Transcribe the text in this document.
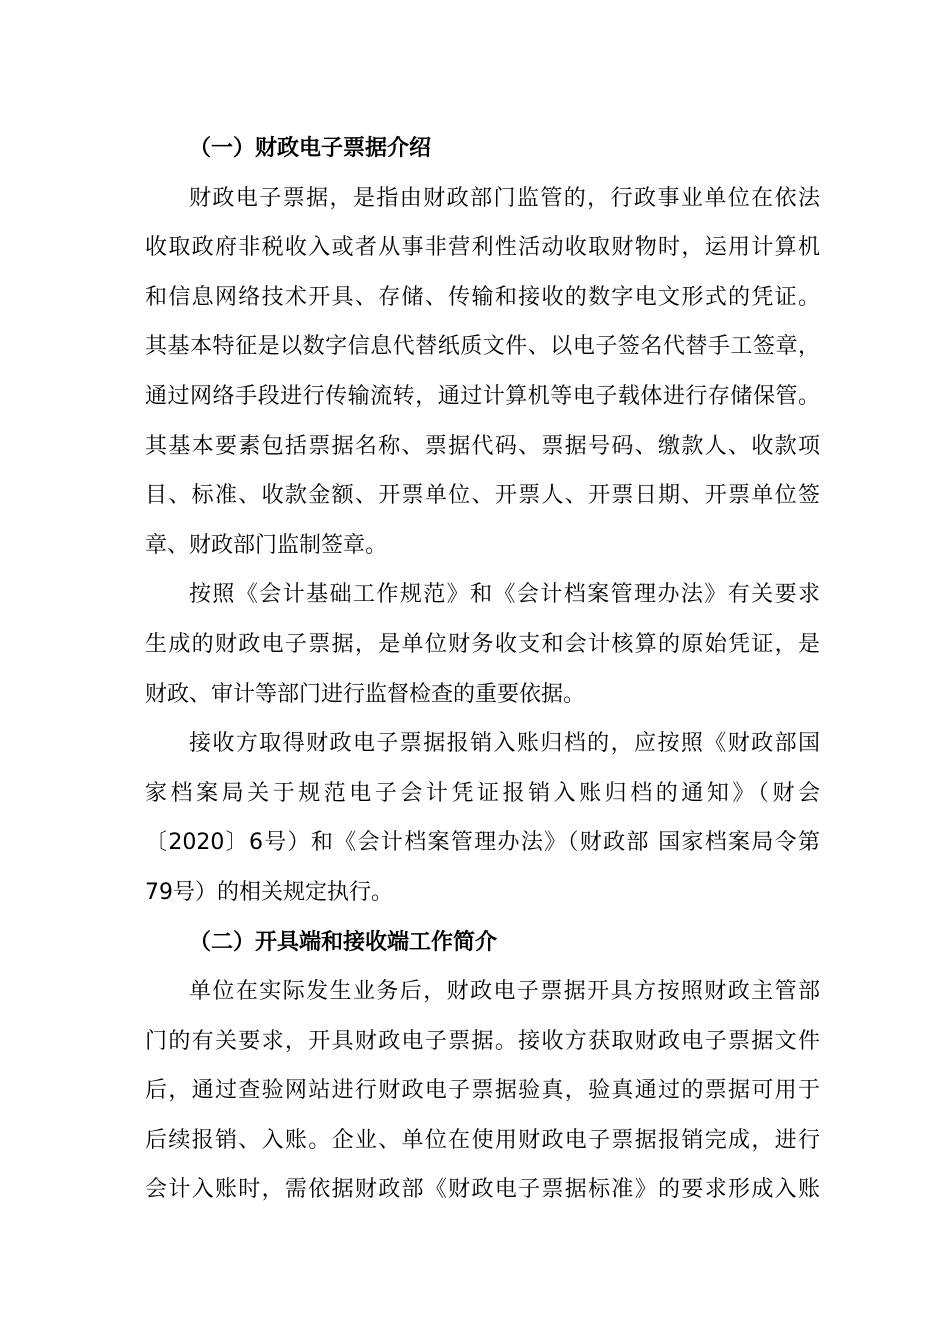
（一）财政电子票据介绍
财政电子票据，是指由财政部门监管的，行政事业单位在依法
收取政府非税收入或者从事非营利性活动收取财物时，运用计算机
和信息网络技术开具、存储、传输和接收的数字电文形式的凭证。
其基本特征是以数字信息代替纸质文件、以电子签名代替手工签章，
通过网络手段进行传输流转，通过计算机等电子载体进行存储保管。
其基本要素包括票据名称、票据代码、票据号码、缴款人、收款项
目、标准、收款金额、开票单位、开票人、开票日期、开票单位签
章、财政部门监制签章。
按照《会计基础工作规范》和《会计档案管理办法》有关要求
生成的财政电子票据，是单位财务收支和会计核算的原始凭证，是
财政、审计等部门进行监督检查的重要依据。
接收方取得财政电子票据报销入账归档的，应按照《财政部国
家档案局关于规范电子会计凭证报销入账归档的通知》（财会
〔2020〕6号）和《会计档案管理办法》（财政部 国家档案局令第
79号）的相关规定执行。
（二）开具端和接收端工作简介
单位在实际发生业务后，财政电子票据开具方按照财政主管部
门的有关要求，开具财政电子票据。接收方获取财政电子票据文件
后，通过查验网站进行财政电子票据验真，验真通过的票据可用于
后续报销、入账。企业、单位在使用财政电子票据报销完成，进行
会计入账时，需依据财政部《财政电子票据标准》的要求形成入账
